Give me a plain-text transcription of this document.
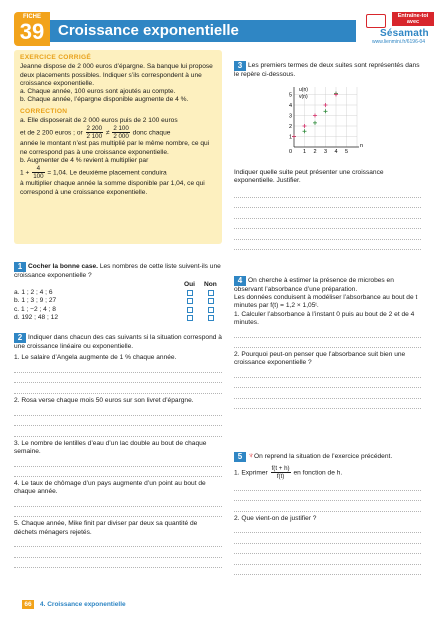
FICHE
39 Croissance exponentielle
Entraîne-toi avec
Sésamath
www.lienmini.fr/6196-04
EXERCICE CORRIGÉ

Jeanne dispose de 2 000 euros d’épargne. Sa banque lui propose deux placements possibles. Indiquer s’ils correspondent à une croissance exponentielle.

a. Chaque année, 100 euros sont ajoutés au compte.

b. Chaque année, l’épargne disponible augmente de 4 %.

CORRECTION

a. Elle disposerait de 2 000 euros puis de 2 100 euros

et de 2 200 euros ; or $\frac{2 200}{2 100} \ne \frac{2 100}{2 000}$ donc chaque

année le montant n’est pas multiplié par le même nombre, ce qui ne correspond pas à une croissance exponentielle.

b. Augmenter de 4 % revient à multiplier par

$1 + \frac{4}{100} = 1,04$. Le deuxième placement conduira

à multiplier chaque année la somme disponible par 1,04, ce qui correspond à une croissance exponentielle.

1 Cocher la bonne case. Les nombres de cette liste suivent-ils une croissance exponentielle ?
Oui Non
a. 1 ; 2 ; 4 ; 6
b. 1 ; 3 ; 9 ; 27
c. 1 ; −2 ; 4 ; 8
d. 192 ; 48 ; 12
2 Indiquer dans chacun des cas suivants si la situation correspond à une croissance linéaire ou exponentielle.
1. Le salaire d’Angela augmente de 1 % chaque année.
2. Rosa verse chaque mois 50 euros sur son livret d’épargne.
3. Le nombre de lentilles d’eau d’un lac double au bout de chaque semaine.
4. Le taux de chômage d’un pays augmente d’un point au bout de chaque année.
5. Chaque année, Mike finit par diviser par deux sa quantité de déchets ménagers rejetés.
3 Les premiers termes de deux suites sont représentés dans le repère ci-dessous.
0 1 2 3 4 5
1
2
3
4
5
u(n)
v(n)
n
Indiquer quelle suite peut présenter une croissance exponentielle. Justifier.
4 On cherche à estimer la présence de microbes en observant l’absorbance d’une préparation.
Les données conduisent à modéliser l’absorbance au bout de t minutes par f(t) = 1,2 × 1,05ᵗ.
1. Calculer l’absorbance à l’instant 0 puis au bout de 2 et de 4 minutes.
2. Pourquoi peut-on penser que l’absorbance suit bien une croissance exponentielle ?
5 ♆On reprend la situation de l’exercice précédent.
1. Exprimer $\frac{f(t + h)}{f(t)}$ en fonction de h.
2. Que vient-on de justifier ?
66	4. Croissance exponentielle
